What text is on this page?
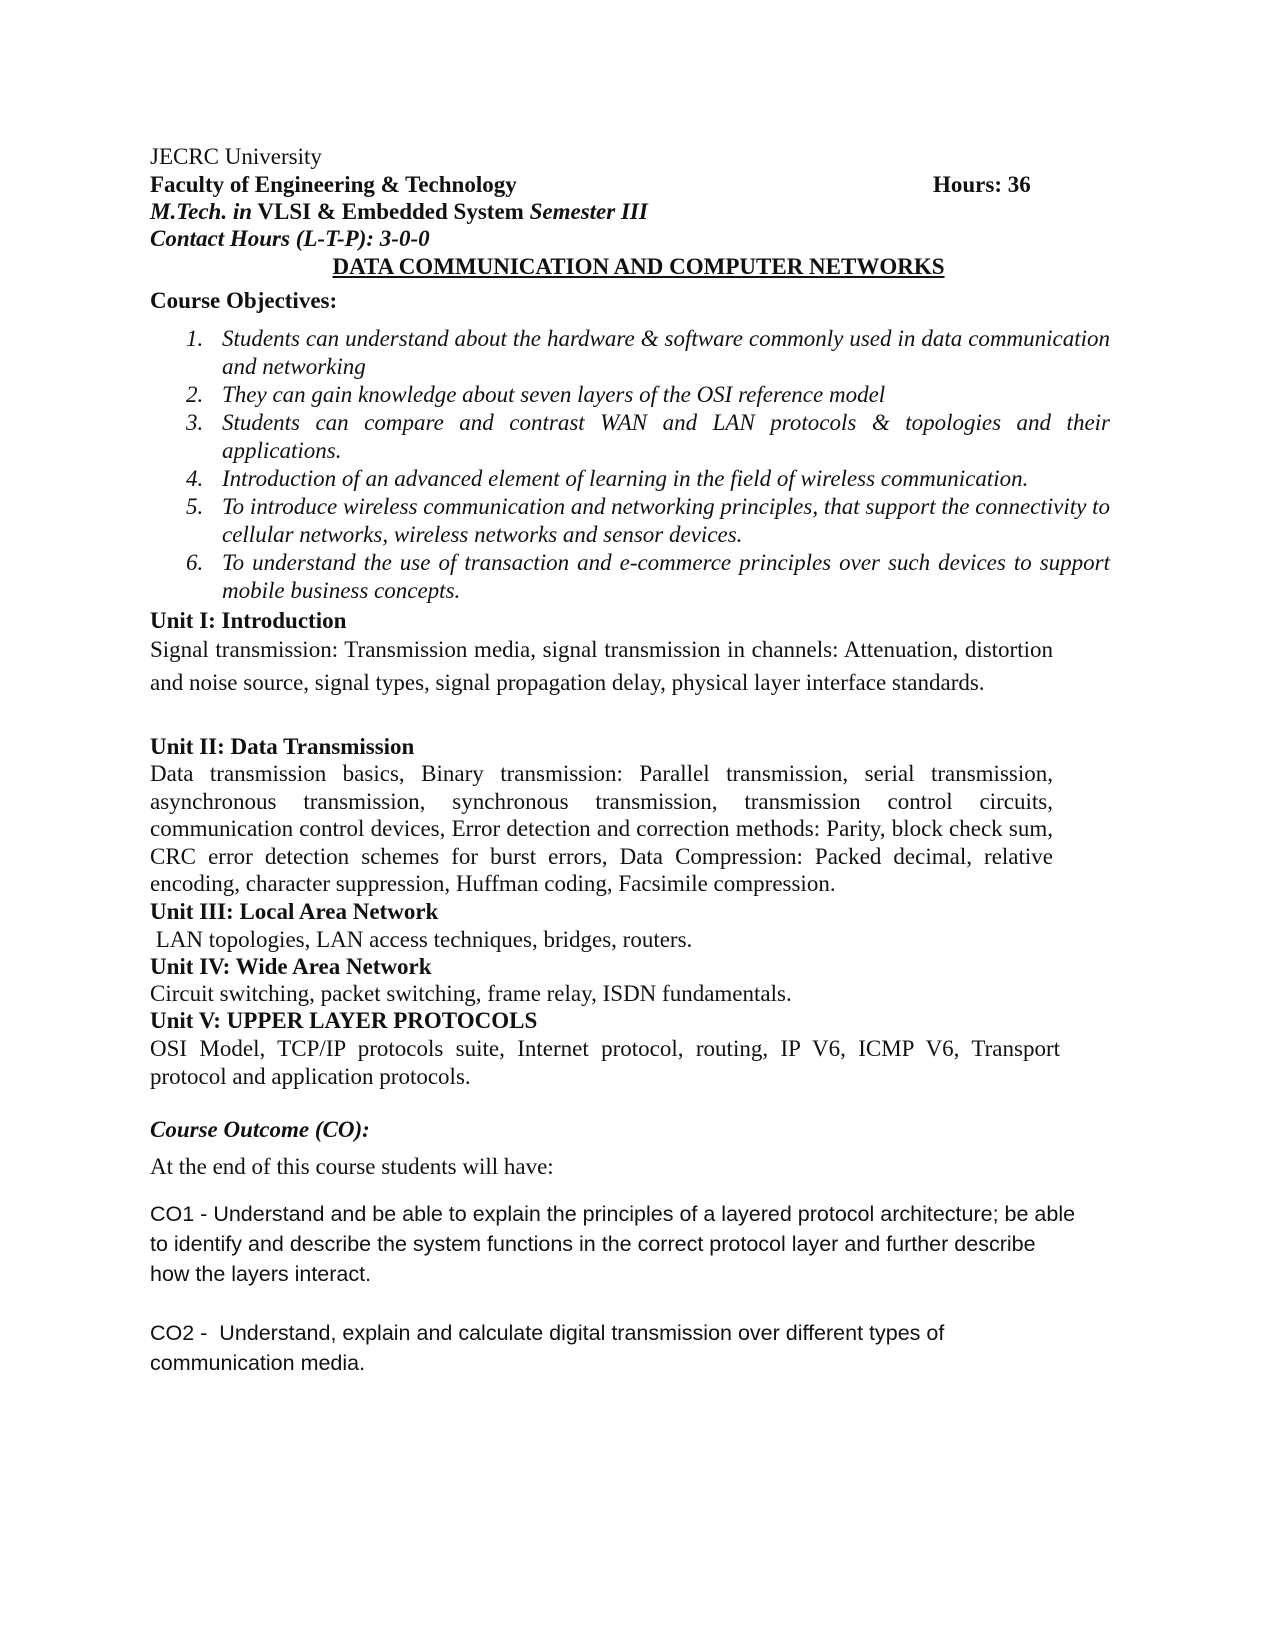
JECRC University
Faculty of Engineering & Technology	Hours: 36
M.Tech. in VLSI & Embedded System Semester III
Contact Hours (L-T-P): 3-0-0
DATA COMMUNICATION AND COMPUTER NETWORKS
Course Objectives:
1. Students can understand about the hardware & software commonly used in data communication and networking
2. They can gain knowledge about seven layers of the OSI reference model
3. Students can compare and contrast WAN and LAN protocols & topologies and their applications.
4. Introduction of an advanced element of learning in the field of wireless communication.
5. To introduce wireless communication and networking principles, that support the connectivity to cellular networks, wireless networks and sensor devices.
6. To understand the use of transaction and e-commerce principles over such devices to support mobile business concepts.
Unit I: Introduction

Signal transmission: Transmission media, signal transmission in channels: Attenuation, distortion and noise source, signal types, signal propagation delay, physical layer interface standards.

Unit II: Data Transmission

Data transmission basics, Binary transmission: Parallel transmission, serial transmission, asynchronous transmission, synchronous transmission, transmission control circuits, communication control devices, Error detection and correction methods: Parity, block check sum, CRC error detection schemes for burst errors, Data Compression: Packed decimal, relative encoding, character suppression, Huffman coding, Facsimile compression.

Unit III: Local Area Network
LAN topologies, LAN access techniques, bridges, routers.
Unit IV: Wide Area Network
Circuit switching, packet switching, frame relay, ISDN fundamentals.
Unit V: UPPER LAYER PROTOCOLS

OSI Model, TCP/IP protocols suite, Internet protocol, routing, IP V6, ICMP V6, Transport protocol and application protocols.

Course Outcome (CO):
At the end of this course students will have:

CO1 - Understand and be able to explain the principles of a layered protocol architecture; be able to identify and describe the system functions in the correct protocol layer and further describe how the layers interact.

CO2 -  Understand, explain and calculate digital transmission over different types of communication media.
